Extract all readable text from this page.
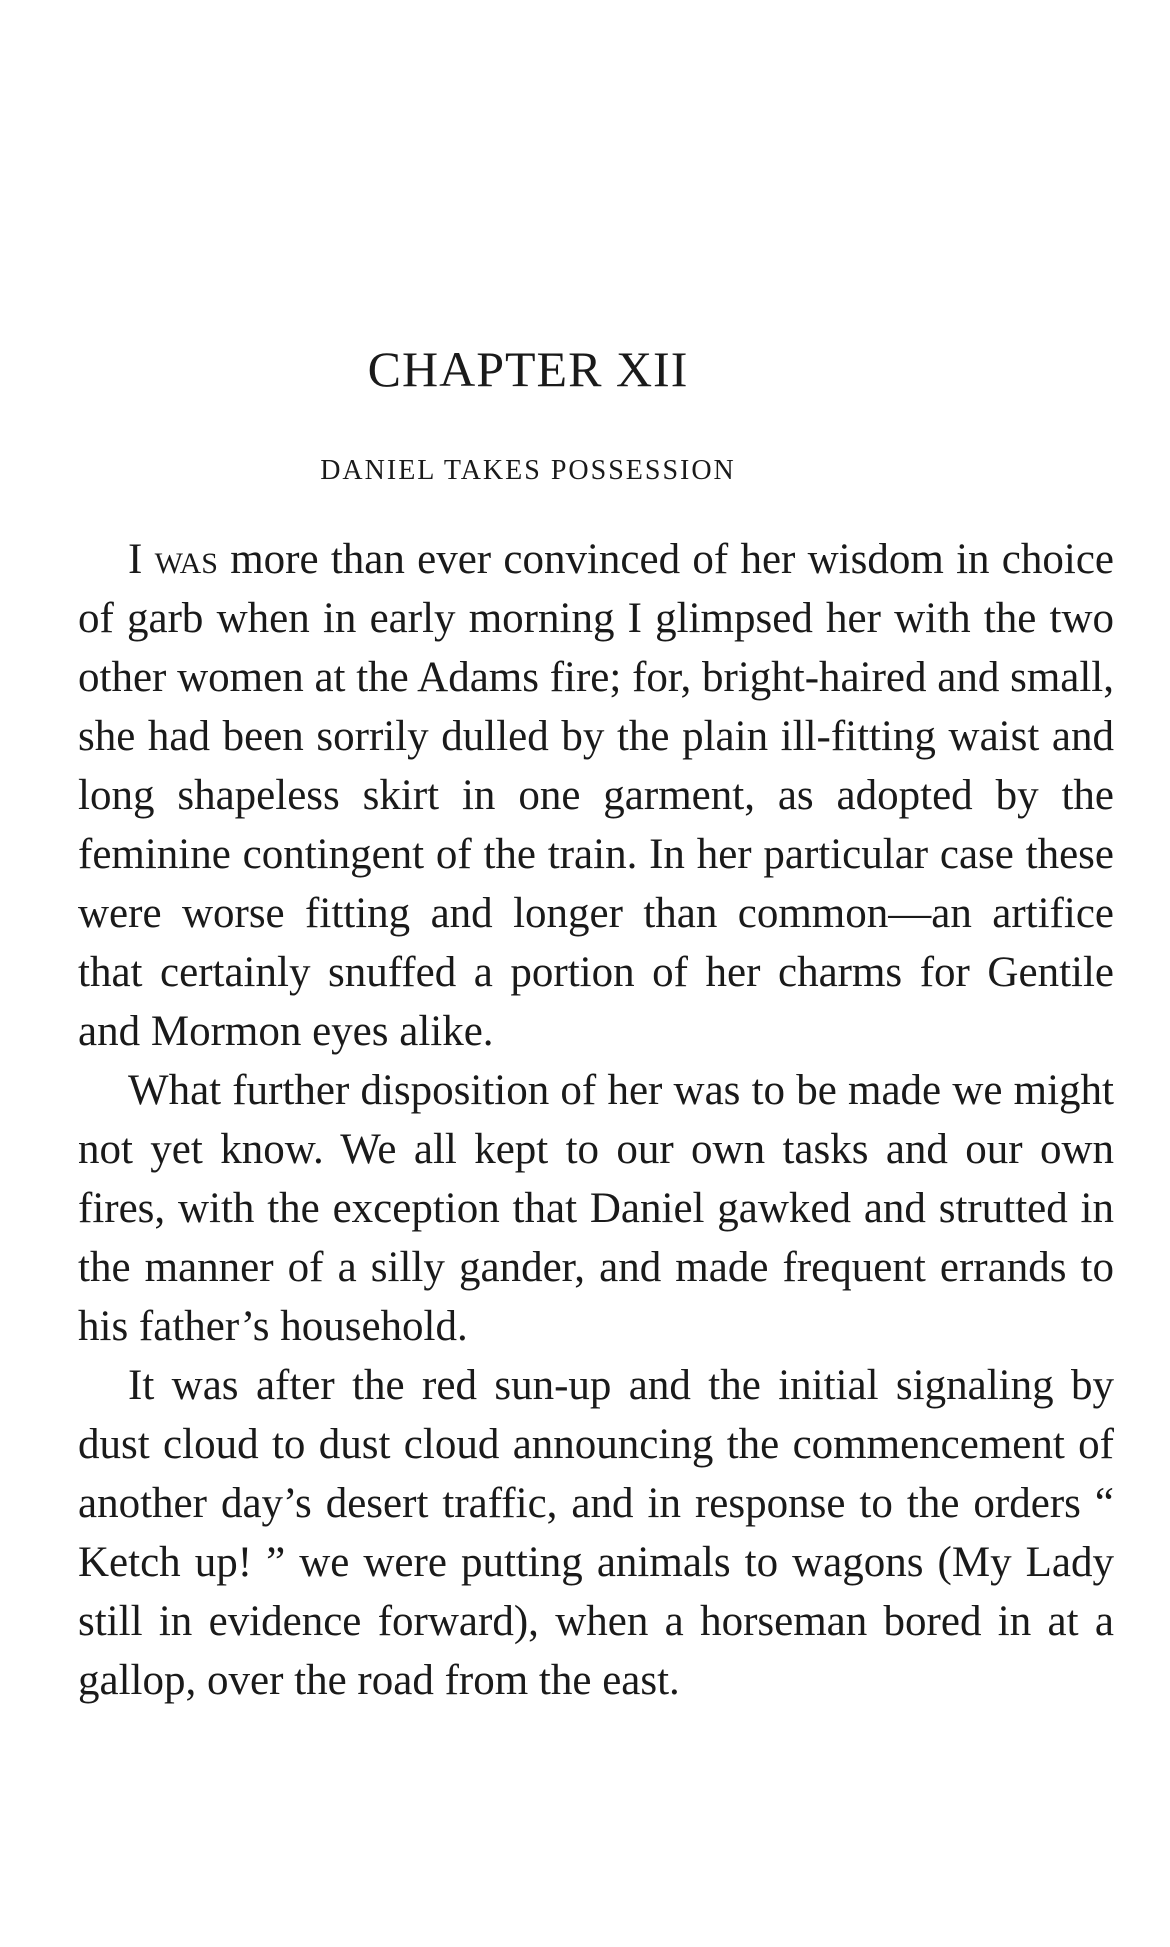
CHAPTER XII
DANIEL TAKES POSSESSION

I was more than ever convinced of her wisdom in choice of garb when in early morning I glimpsed her with the two other women at the Adams fire; for, bright-haired and small, she had been sorrily dulled by the plain ill-fitting waist and long shapeless skirt in one garment, as adopted by the feminine contingent of the train. In her particular case these were worse fitting and longer than common—an artifice that certainly snuffed a portion of her charms for Gentile and Mormon eyes alike.

What further disposition of her was to be made we might not yet know. We all kept to our own tasks and our own fires, with the exception that Daniel gawked and strutted in the manner of a silly gander, and made frequent errands to his father’s household.

It was after the red sun-up and the initial signaling by dust cloud to dust cloud announcing the commencement of another day’s desert traffic, and in response to the orders “ Ketch up! ” we were putting animals to wagons (My Lady still in evidence forward), when a horseman bored in at a gallop, over the road from the east.
